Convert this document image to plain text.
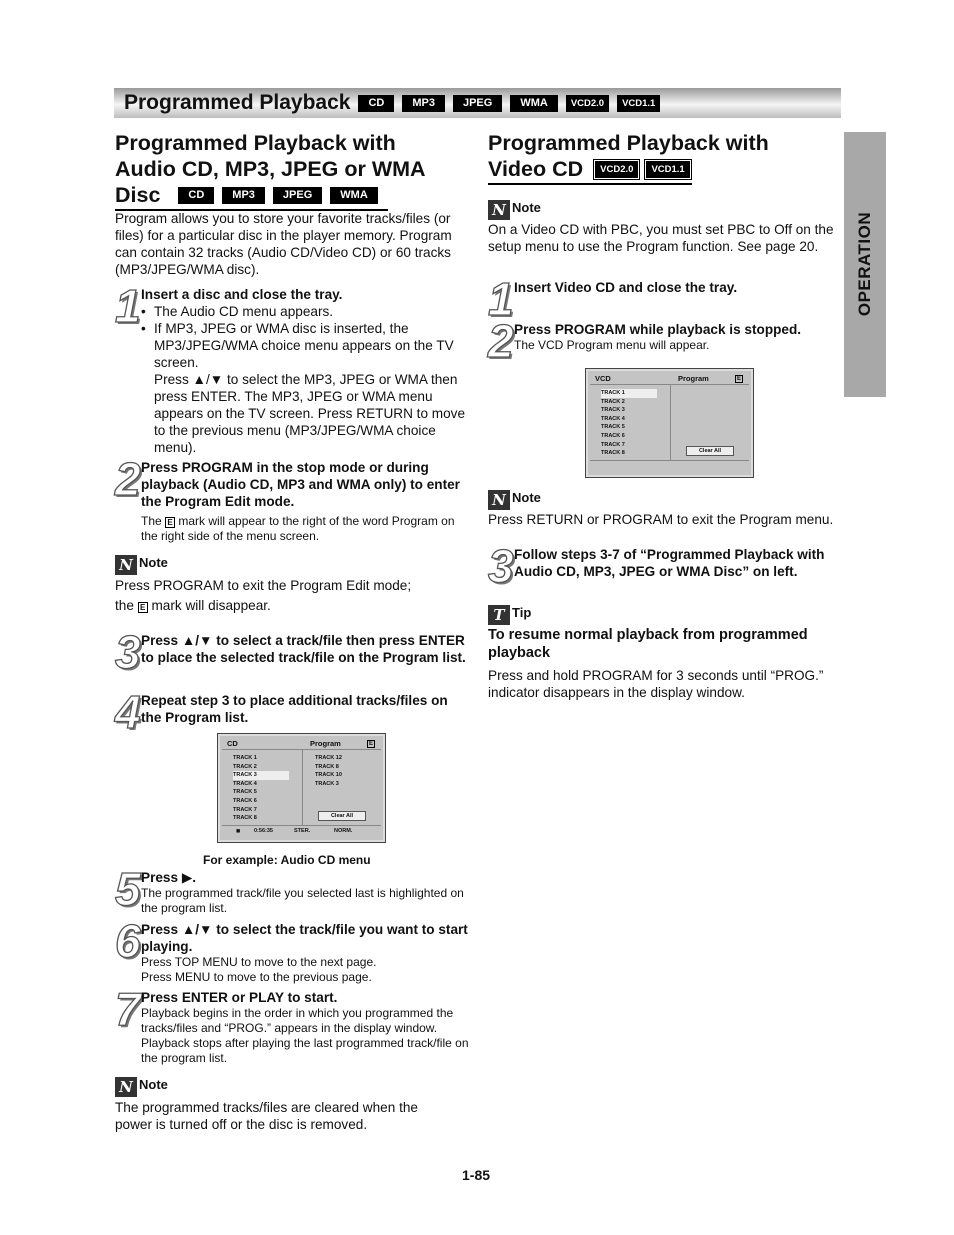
Programmed Playback	CD	MP3	JPEG	WMA	VCD2.0	VCD1.1
OPERATION
Programmed Playback with
Audio CD, MP3, JPEG or WMA
Disc	CD	MP3	JPEG	WMA
Program allows you to store your favorite tracks/files (or files) for a particular disc in the player memory. Program can contain 32 tracks (Audio CD/Video CD) or 60 tracks (MP3/JPEG/WMA disc).
1 Insert a disc and close the tray.
• The Audio CD menu appears.
• If MP3, JPEG or WMA disc is inserted, the MP3/JPEG/WMA choice menu appears on the TV screen.
Press ▲/▼ to select the MP3, JPEG or WMA then press ENTER. The MP3, JPEG or WMA menu appears on the TV screen. Press RETURN to move to the previous menu (MP3/JPEG/WMA choice menu).
2 Press PROGRAM in the stop mode or during playback (Audio CD, MP3 and WMA only) to enter the Program Edit mode.
The E mark will appear to the right of the word Program on the right side of the menu screen.
N Note
Press PROGRAM to exit the Program Edit mode;
the E mark will disappear.
3 Press ▲/▼ to select a track/file then press ENTER to place the selected track/file on the Program list.
4 Repeat step 3 to place additional tracks/files on the Program list.
CD	Program	E
TRACK 1
TRACK 2
TRACK 3
TRACK 4
TRACK 5
TRACK 6
TRACK 7
TRACK 8
TRACK 12
TRACK 8
TRACK 10
TRACK 3
Clear All
■	0:56:35	STER.	NORM.
For example: Audio CD menu
5 Press ▶.
The programmed track/file you selected last is highlighted on the program list.
6 Press ▲/▼ to select the track/file you want to start playing.
Press TOP MENU to move to the next page.
Press MENU to move to the previous page.
7 Press ENTER or PLAY to start.
Playback begins in the order in which you programmed the tracks/files and “PROG.” appears in the display window.
Playback stops after playing the last programmed track/file on the program list.
N Note
The programmed tracks/files are cleared when the power is turned off or the disc is removed.
Programmed Playback with
Video CD VCD2.0 VCD1.1
N Note
On a Video CD with PBC, you must set PBC to Off on the setup menu to use the Program function. See page 20.
1 Insert Video CD and close the tray.
2 Press PROGRAM while playback is stopped.
The VCD Program menu will appear.
VCD	Program	E
TRACK 1
TRACK 2
TRACK 3
TRACK 4
TRACK 5
TRACK 6
TRACK 7
TRACK 8	Clear All
N Note
Press RETURN or PROGRAM to exit the Program menu.
3 Follow steps 3-7 of “Programmed Playback with Audio CD, MP3, JPEG or WMA Disc” on left.
T Tip
To resume normal playback from programmed playback
Press and hold PROGRAM for 3 seconds until “PROG.” indicator disappears in the display window.
1-85
